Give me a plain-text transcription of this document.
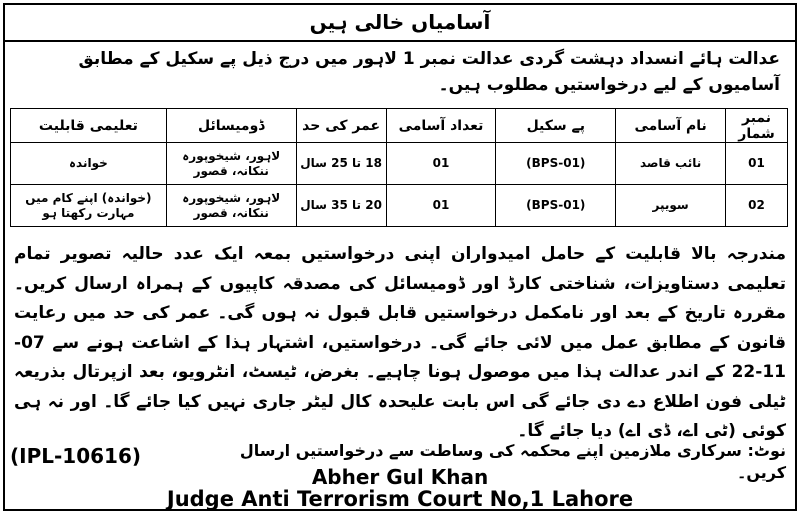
آسامیاں خالی ہیں
عدالت ہائے انسداد دہشت گردی عدالت نمبر 1 لاہور میں درج ذیل پے سکیل کے مطابق آسامیوں کے لیے درخواستیں مطلوب ہیں۔
نمبر شمار	نام آسامی	پے سکیل	تعداد آسامی	عمر کی حد	ڈومیسائل	تعلیمی قابلیت
01	نائب قاصد	(BPS-01)	01	18 تا 25 سال	لاہور، شیخوپورہ ننکانہ، قصور	خواندہ
02	سویپر	(BPS-01)	01	20 تا 35 سال	لاہور، شیخوپورہ ننکانہ، قصور	(خواندہ) اپنے کام میں مہارت رکھتا ہو
مندرجہ بالا قابلیت کے حامل امیدواران اپنی درخواستیں بمعہ ایک عدد حالیہ تصویر تمام تعلیمی دستاویزات، شناختی کارڈ اور ڈومیسائل کی مصدقہ کاپیوں کے ہمراہ ارسال کریں۔ مقررہ تاریخ کے بعد اور نامکمل درخواستیں قابل قبول نہ ہوں گی۔ عمر کی حد میں رعایت قانون کے مطابق عمل میں لائی جائے گی۔ درخواستیں، اشتہار ہذا کے اشاعت ہونے سے 07-11-22 کے اندر عدالت ہذا میں موصول ہونا چاہیے۔ بغرض، ٹیسٹ، انٹرویو، بعد ازپرتال بذریعہ ٹیلی فون اطلاع دے دی جائے گی اس بابت علیحدہ کال لیٹر جاری نہیں کیا جائے گا۔ اور نہ ہی کوئی (ٹی اے، ڈی اے) دیا جائے گا۔
نوٹ: سرکاری ملازمین اپنے محکمہ کی وساطت سے درخواستیں ارسال کریں۔
(IPL-10616)
Abher Gul Khan
Judge Anti Terrorism Court No,1 Lahore
